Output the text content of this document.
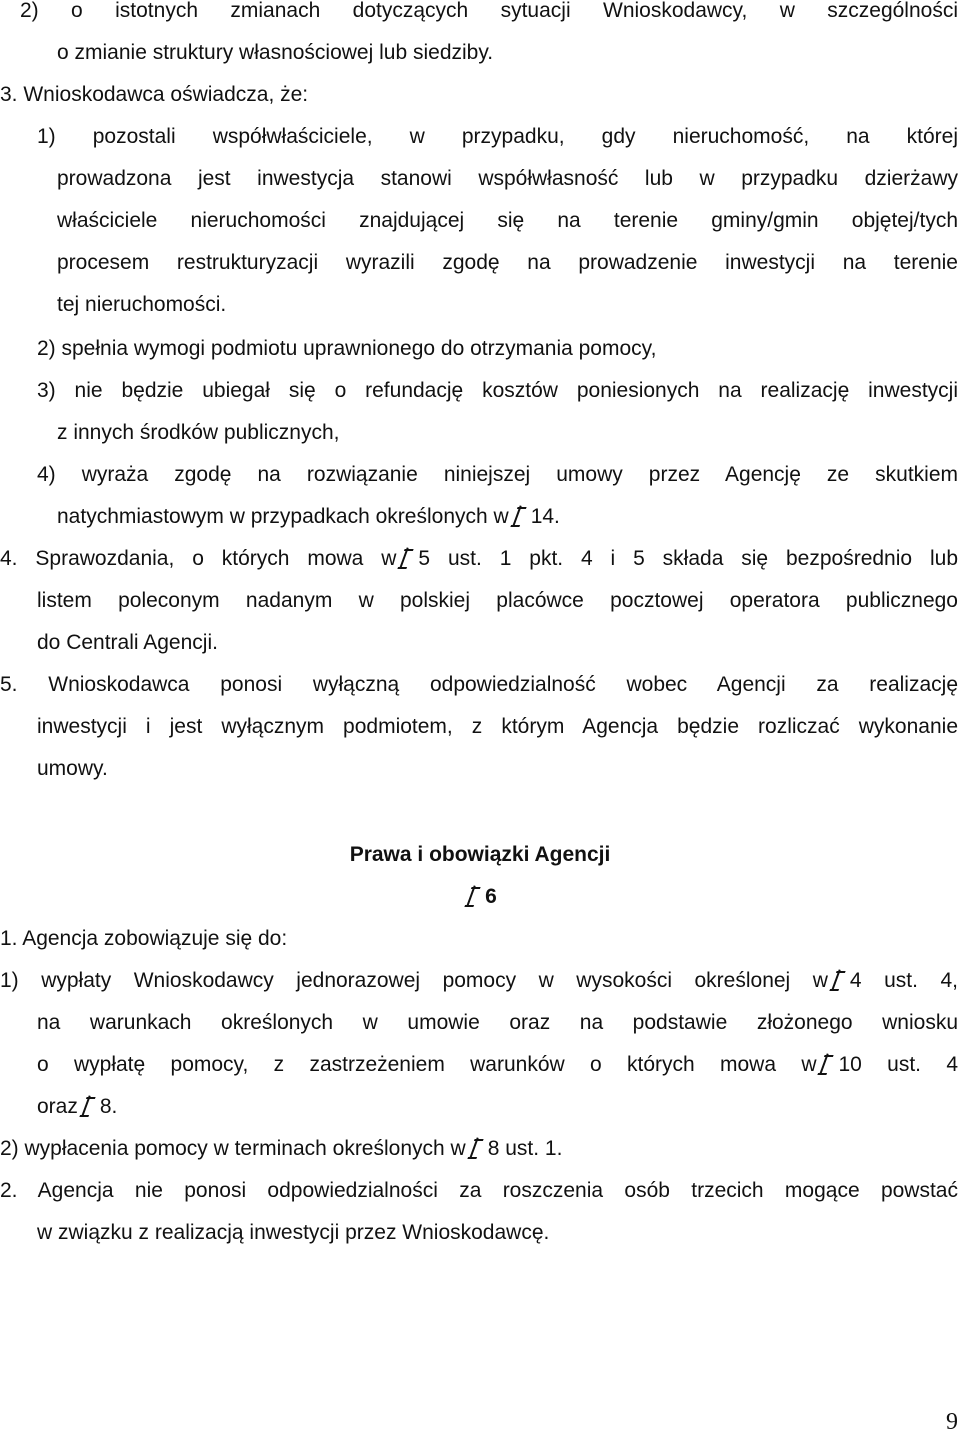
2) o istotnych zmianach dotyczących sytuacji Wnioskodawcy, w szczególności
o zmianie struktury własnościowej lub siedziby.
3. Wnioskodawca oświadcza, że:
1) pozostali współwłaściciele, w przypadku, gdy nieruchomość, na której
prowadzona jest inwestycja stanowi współwłasność lub w przypadku dzierżawy
właściciele nieruchomości znajdującej się na terenie gminy/gmin objętej/tych
procesem restrukturyzacji wyrazili zgodę na prowadzenie inwestycji na terenie
tej nieruchomości.
2) spełnia wymogi podmiotu uprawnionego do otrzymania pomocy,
3) nie będzie ubiegał się o refundację kosztów poniesionych na realizację inwestycji
z innych środków publicznych,
4) wyraża zgodę na rozwiązanie niniejszej umowy przez Agencję ze skutkiem
natychmiastowym w przypadkach określonych w 14.
4. Sprawozdania, o których mowa w 5 ust. 1 pkt. 4 i 5 składa się bezpośrednio lub
listem poleconym nadanym w polskiej placówce pocztowej operatora publicznego
do Centrali Agencji.
5. Wnioskodawca ponosi wyłączną odpowiedzialność wobec Agencji za realizację
inwestycji i jest wyłącznym podmiotem, z którym Agencja będzie rozliczać wykonanie
umowy.
Prawa i obowiązki Agencji
6
1. Agencja zobowiązuje się do:
1) wypłaty Wnioskodawcy jednorazowej pomocy w wysokości określonej w 4 ust. 4,
na warunkach określonych w umowie oraz na podstawie złożonego wniosku
o wypłatę pomocy, z zastrzeżeniem warunków o których mowa w 10 ust. 4
oraz 8.
2) wypłacenia pomocy w terminach określonych w 8 ust. 1.
2. Agencja nie ponosi odpowiedzialności za roszczenia osób trzecich mogące powstać
w związku z realizacją inwestycji przez Wnioskodawcę.
9
